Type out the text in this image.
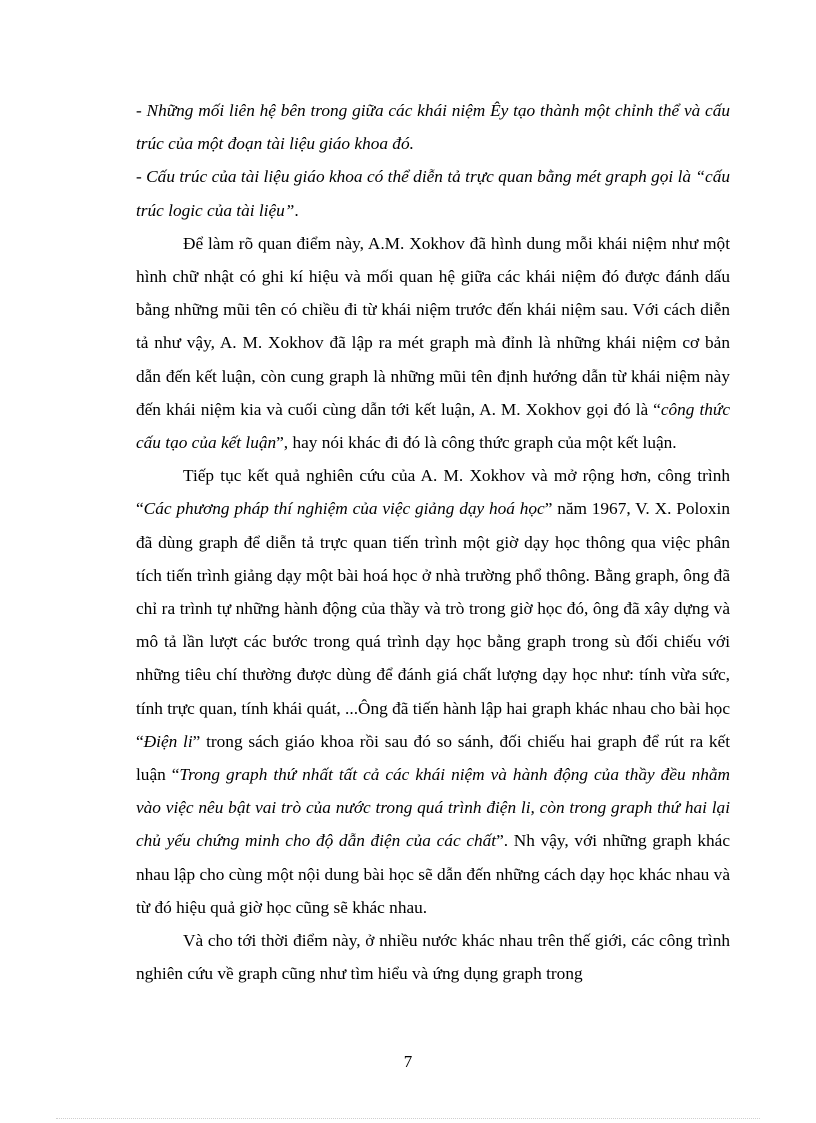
- Những mối liên hệ bên trong giữa các khái niệm Êy tạo thành một chỉnh thể và cấu trúc của một đoạn tài liệu giáo khoa đó.

- Cấu trúc của tài liệu giáo khoa có thể diễn tả trực quan bằng mét graph gọi là “cấu trúc logic của tài liệu”.

Để làm rõ quan điểm này, A.M. Xokhov đã hình dung mỗi khái niệm như một hình chữ nhật có ghi kí hiệu và mối quan hệ giữa các khái niệm đó được đánh dấu bằng những mũi tên có chiều đi từ khái niệm trước đến khái niệm sau. Với cách diễn tả như vậy, A. M. Xokhov đã lập ra mét graph mà đỉnh là những khái niệm cơ bản dẫn đến kết luận, còn cung graph là những mũi tên định hướng dẫn từ khái niệm này đến khái niệm kia và cuối cùng dẫn tới kết luận, A. M. Xokhov gọi đó là “công thức cấu tạo của kết luận”, hay nói khác đi đó là công thức graph của một kết luận.

Tiếp tục kết quả nghiên cứu của A. M. Xokhov và mở rộng hơn, công trình “Các phương pháp thí nghiệm của việc giảng dạy hoá học” năm 1967, V. X. Poloxin đã dùng graph để diễn tả trực quan tiến trình một giờ dạy học thông qua việc phân tích tiến trình giảng dạy một bài hoá học ở nhà trường phổ thông. Bằng graph, ông đã chỉ ra trình tự những hành động của thầy và trò trong giờ học đó, ông đã xây dựng và mô tả lần lượt các bước trong quá trình dạy học bằng graph trong sù đối chiếu với những tiêu chí thường được dùng để đánh giá chất lượng dạy học như: tính vừa sức, tính trực quan, tính khái quát, ...Ông đã tiến hành lập hai graph khác nhau cho bài học “Điện li” trong sách giáo khoa rồi sau đó so sánh, đối chiếu hai graph để rút ra kết luận “Trong graph thứ nhất tất cả các khái niệm và hành động của thầy đều nhằm vào việc nêu bật vai trò của nước trong quá trình điện li, còn trong graph thứ hai lại chủ yếu chứng minh cho độ dẫn điện của các chất”. Nh vậy, với những graph khác nhau lập cho cùng một nội dung bài học sẽ dẫn đến những cách dạy học khác nhau và từ đó hiệu quả giờ học cũng sẽ khác nhau.

Và cho tới thời điểm này, ở nhiều nước khác nhau trên thế giới, các công trình nghiên cứu về graph cũng như tìm hiểu và ứng dụng graph trong

7
